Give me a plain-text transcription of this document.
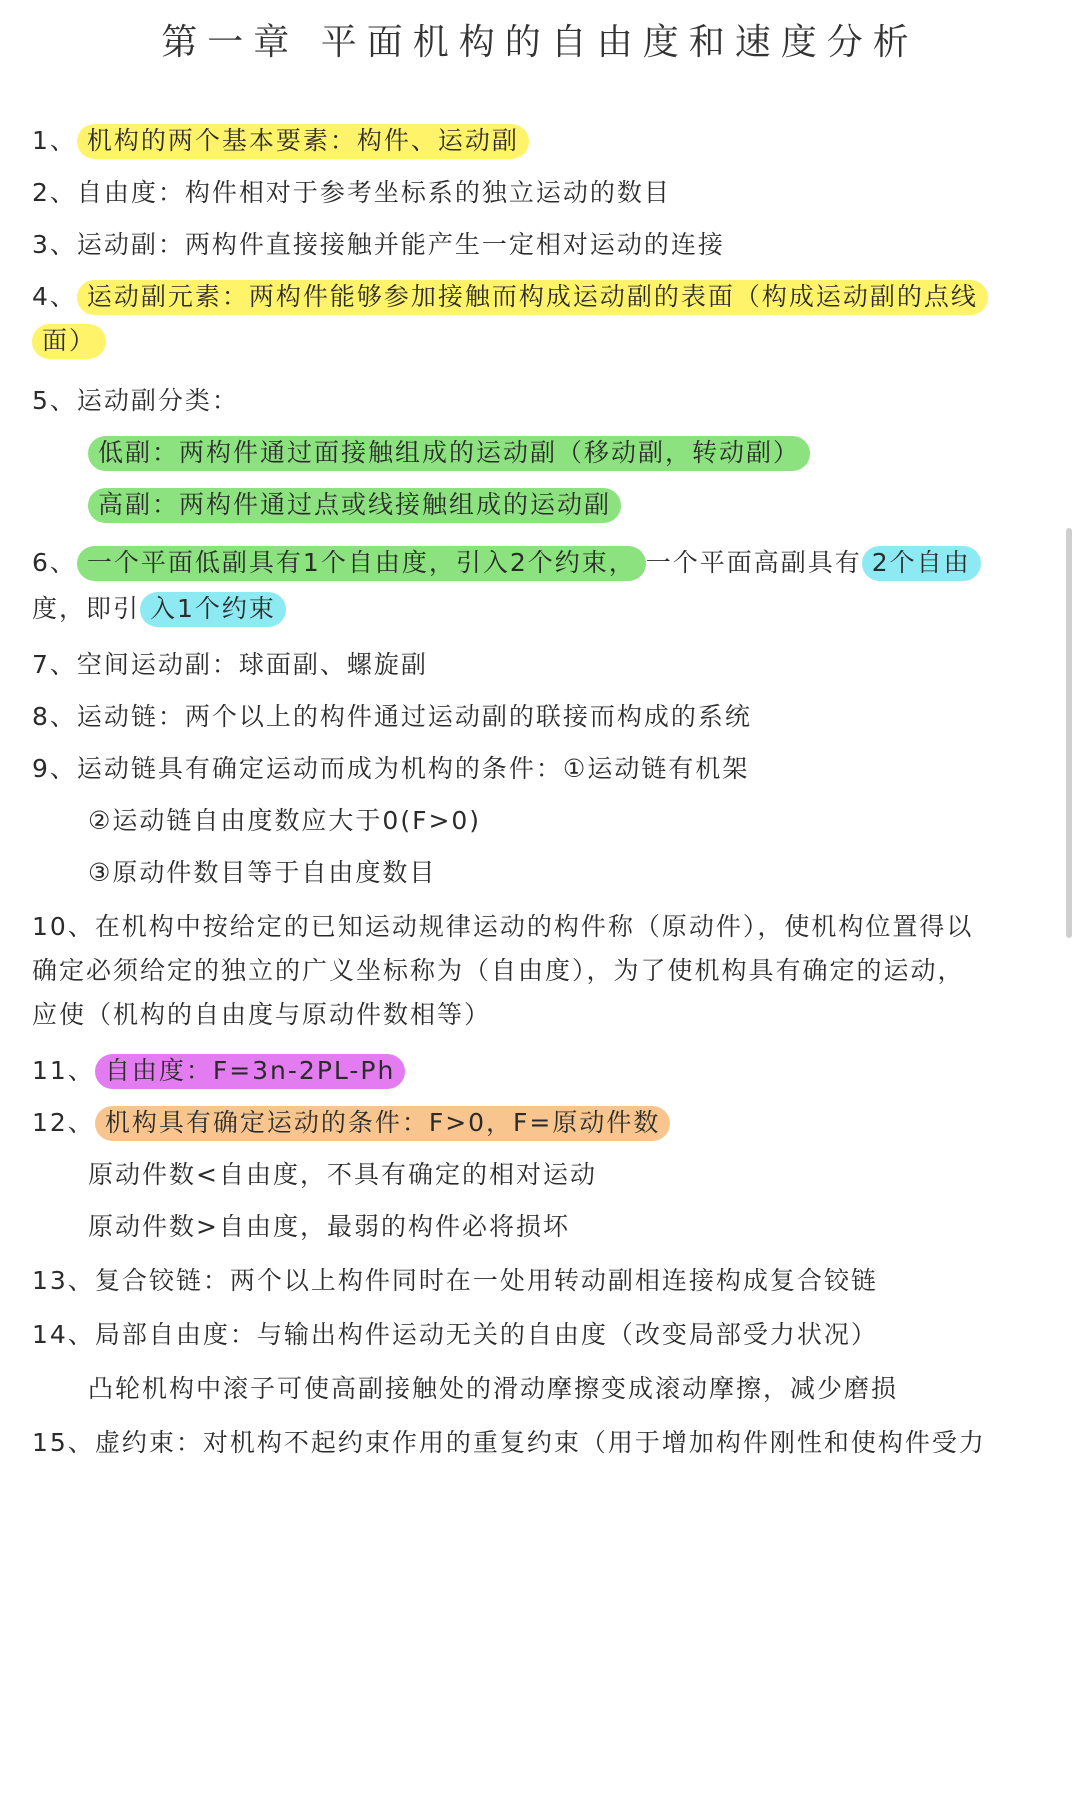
第一章 平面机构的自由度和速度分析
1、 机构的两个基本要素：构件、运动副
2、自由度：构件相对于参考坐标系的独立运动的数目
3、运动副：两构件直接接触并能产生一定相对运动的连接
4、 运动副元素：两构件能够参加接触而构成运动副的表面（构成运动副的点线
面）
5、运动副分类：
低副：两构件通过面接触组成的运动副（移动副，转动副）
高副：两构件通过点或线接触组成的运动副
6、 一个平面低副具有1个自由度，引入2个约束， 一个平面高副具有 2个自由
度，即引 入1个约束
7、空间运动副：球面副、螺旋副
8、运动链：两个以上的构件通过运动副的联接而构成的系统
9、运动链具有确定运动而成为机构的条件：①运动链有机架
②运动链自由度数应大于0(F>0)
③原动件数目等于自由度数目
10、在机构中按给定的已知运动规律运动的构件称（原动件），使机构位置得以
确定必须给定的独立的广义坐标称为（自由度），为了使机构具有确定的运动，
应使（机构的自由度与原动件数相等）
11、 自由度：F=3n-2PL-Ph
12、 机构具有确定运动的条件：F>0，F=原动件数
原动件数<自由度，不具有确定的相对运动
原动件数>自由度，最弱的构件必将损坏
13、复合铰链：两个以上构件同时在一处用转动副相连接构成复合铰链
14、局部自由度：与输出构件运动无关的自由度（改变局部受力状况）
凸轮机构中滚子可使高副接触处的滑动摩擦变成滚动摩擦，减少磨损
15、虚约束：对机构不起约束作用的重复约束（用于增加构件刚性和使构件受力
